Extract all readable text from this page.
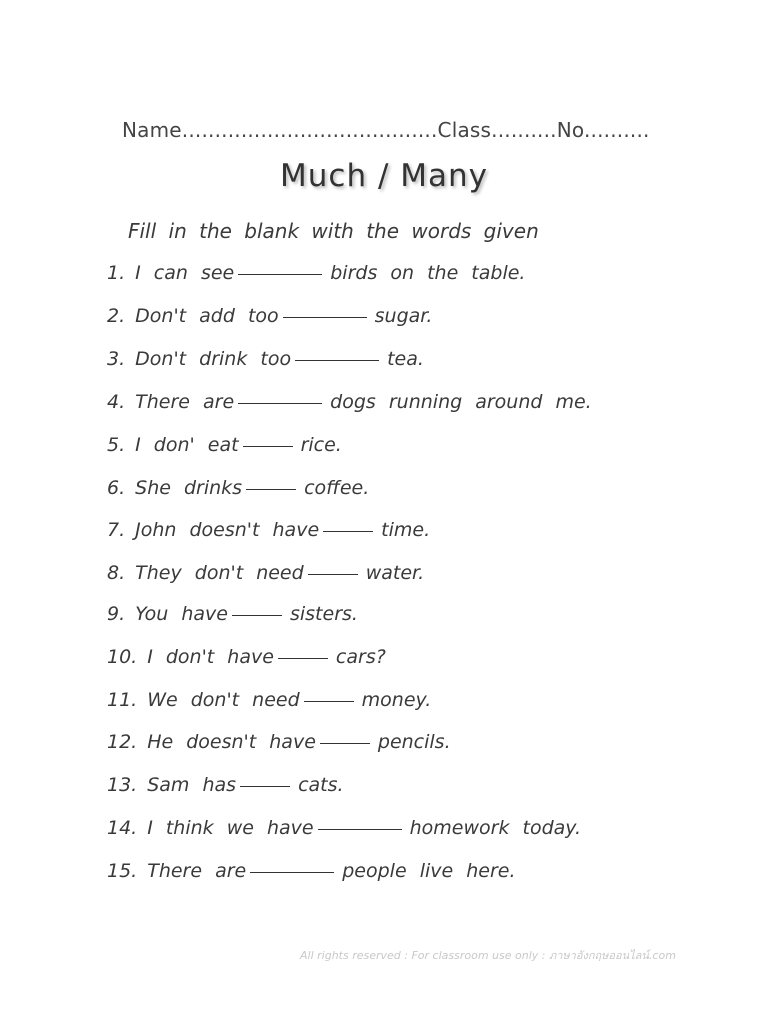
Name.......................................Class..........No..........
Much / Many
Fill in the blank with the words given
1. I can see	birds on the table.
2. Don't add too	sugar.
3. Don't drink too	tea.
4. There are	dogs running around me.
5. I don' eat	rice.
6. She drinks	coffee.
7. John doesn't have	time.
8. They don't need	water.
9. You have	sisters.
10. I don't have	cars?
11. We don't need	money.
12. He doesn't have	pencils.
13. Sam has	cats.
14. I think we have	homework today.
15. There are	people live here.
All rights reserved : For classroom use only : ภาษาอังกฤษออนไลน์.com
